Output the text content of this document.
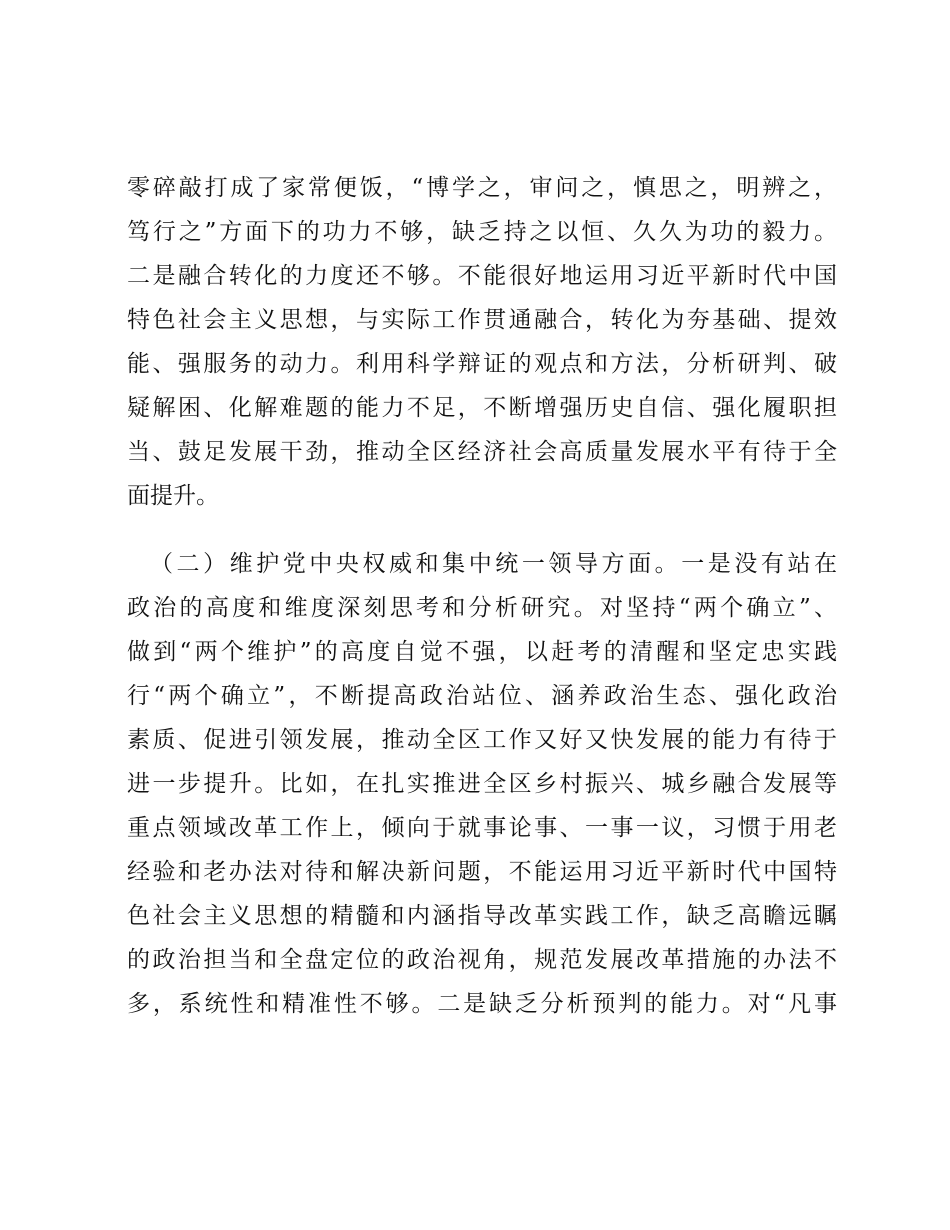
零碎敲打成了家常便饭，“博学之，审问之，慎思之，明辨之，
笃行之”方面下的功力不够，缺乏持之以恒、久久为功的毅力。
二是融合转化的力度还不够。不能很好地运用习近平新时代中国
特色社会主义思想，与实际工作贯通融合，转化为夯基础、提效
能、强服务的动力。利用科学辩证的观点和方法，分析研判、破
疑解困、化解难题的能力不足，不断增强历史自信、强化履职担
当、鼓足发展干劲，推动全区经济社会高质量发展水平有待于全
面提升。
（二）维护党中央权威和集中统一领导方面。一是没有站在
政治的高度和维度深刻思考和分析研究。对坚持“两个确立”、
做到“两个维护”的高度自觉不强，以赶考的清醒和坚定忠实践
行“两个确立”，不断提高政治站位、涵养政治生态、强化政治
素质、促进引领发展，推动全区工作又好又快发展的能力有待于
进一步提升。比如，在扎实推进全区乡村振兴、城乡融合发展等
重点领域改革工作上，倾向于就事论事、一事一议，习惯于用老
经验和老办法对待和解决新问题，不能运用习近平新时代中国特
色社会主义思想的精髓和内涵指导改革实践工作，缺乏高瞻远瞩
的政治担当和全盘定位的政治视角，规范发展改革措施的办法不
多，系统性和精准性不够。二是缺乏分析预判的能力。对“凡事
